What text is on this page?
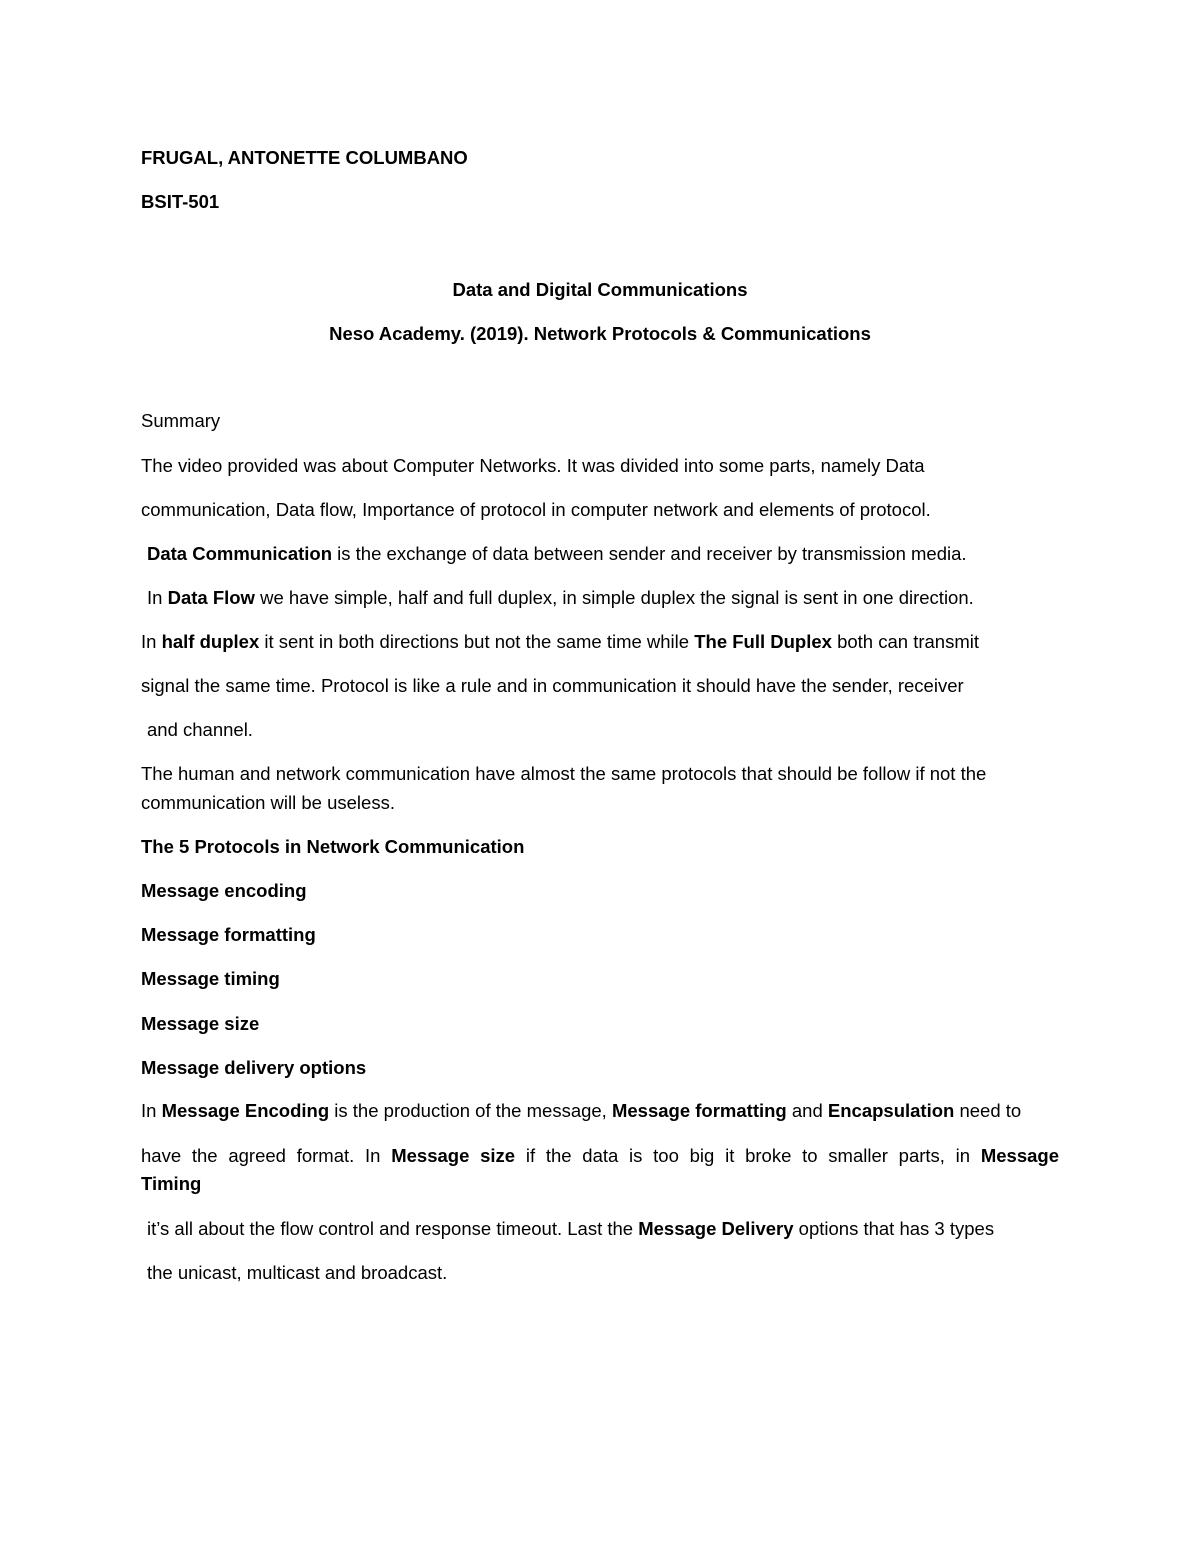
FRUGAL, ANTONETTE COLUMBANO
BSIT-501
Data and Digital Communications
Neso Academy. (2019). Network Protocols & Communications
Summary
The video provided was about Computer Networks. It was divided into some parts, namely Data
communication, Data flow, Importance of protocol in computer network and elements of protocol.
Data Communication is the exchange of data between sender and receiver by transmission media.
In Data Flow we have simple, half and full duplex, in simple duplex the signal is sent in one direction.
In half duplex it sent in both directions but not the same time while The Full Duplex both can transmit
signal the same time. Protocol is like a rule and in communication it should have the sender, receiver
and channel.
The human and network communication have almost the same protocols that should be follow if not the
communication will be useless.
The 5 Protocols in Network Communication
Message encoding
Message formatting
Message timing
Message size
Message delivery options
In Message Encoding is the production of the message, Message formatting and Encapsulation need to
have the agreed format. In Message size if the data is too big it broke to smaller parts, in Message
Timing
it’s all about the flow control and response timeout. Last the Message Delivery options that has 3 types
the unicast, multicast and broadcast.
